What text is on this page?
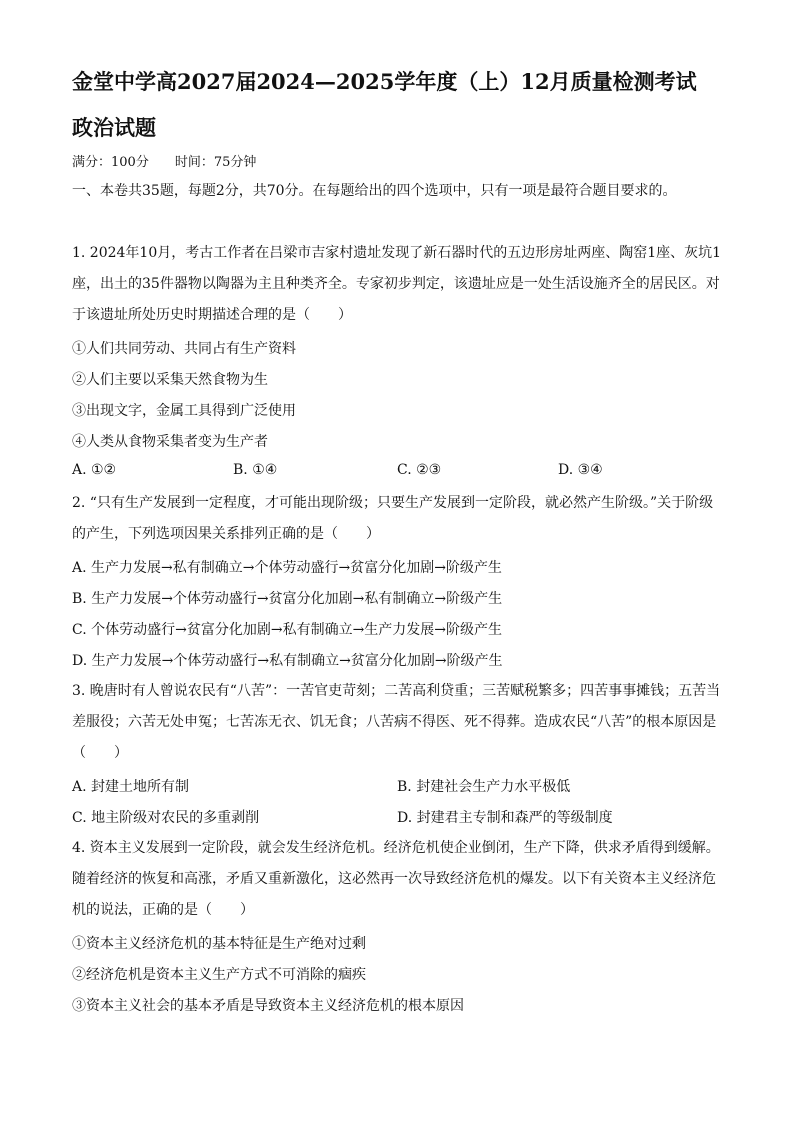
金堂中学高2027届2024—2025学年度（上）12月质量检测考试
政治试题
满分：100分　　时间：75分钟
一、本卷共35题，每题2分，共70分。在每题给出的四个选项中，只有一项是最符合题目要求的。
1. 2024年10月，考古工作者在吕梁市吉家村遗址发现了新石器时代的五边形房址两座、陶窑1座、灰坑1座，出土的35件器物以陶器为主且种类齐全。专家初步判定，该遗址应是一处生活设施齐全的居民区。对于该遗址所处历史时期描述合理的是（　　）
①人们共同劳动、共同占有生产资料
②人们主要以采集天然食物为生
③出现文字，金属工具得到广泛使用
④人类从食物采集者变为生产者
A. ①②	B. ①④	C. ②③	D. ③④
2. “只有生产发展到一定程度，才可能出现阶级；只要生产发展到一定阶段，就必然产生阶级。”关于阶级的产生，下列选项因果关系排列正确的是（　　）
A. 生产力发展→私有制确立→个体劳动盛行→贫富分化加剧→阶级产生
B. 生产力发展→个体劳动盛行→贫富分化加剧→私有制确立→阶级产生
C. 个体劳动盛行→贫富分化加剧→私有制确立→生产力发展→阶级产生
D. 生产力发展→个体劳动盛行→私有制确立→贫富分化加剧→阶级产生
3. 晚唐时有人曾说农民有“八苦”：一苦官吏苛刻；二苦高利贷重；三苦赋税繁多；四苦事事摊钱；五苦当差服役；六苦无处申冤；七苦冻无衣、饥无食；八苦病不得医、死不得葬。造成农民“八苦”的根本原因是（　　）
A. 封建土地所有制	B. 封建社会生产力水平极低
C. 地主阶级对农民的多重剥削	D. 封建君主专制和森严的等级制度
4. 资本主义发展到一定阶段，就会发生经济危机。经济危机使企业倒闭，生产下降，供求矛盾得到缓解。随着经济的恢复和高涨，矛盾又重新激化，这必然再一次导致经济危机的爆发。以下有关资本主义经济危机的说法，正确的是（　　）
①资本主义经济危机的基本特征是生产绝对过剩
②经济危机是资本主义生产方式不可消除的痼疾
③资本主义社会的基本矛盾是导致资本主义经济危机的根本原因
